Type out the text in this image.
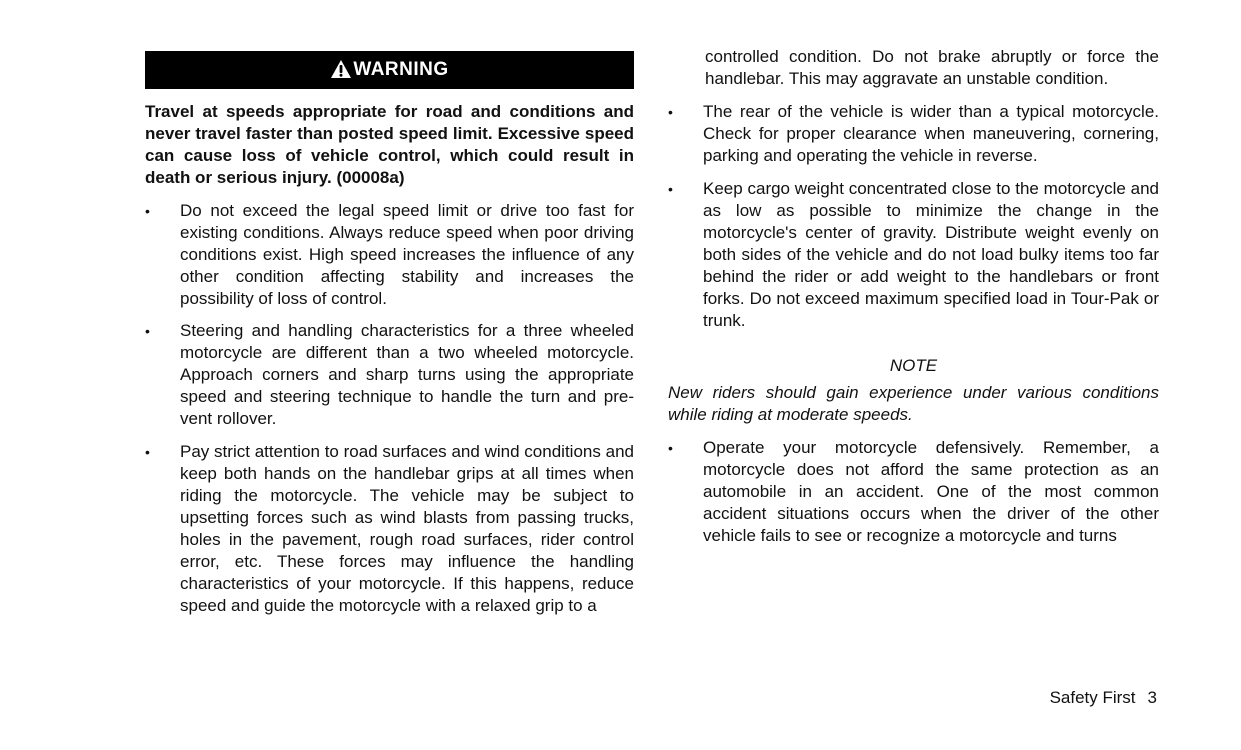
WARNING
Travel at speeds appropriate for road and conditions and never travel faster than posted speed limit. Excessive speed can cause loss of vehicle control, which could result in death or serious injury. (00008a)
• Do not exceed the legal speed limit or drive too fast for existing conditions. Always reduce speed when poor driving conditions exist. High speed increases the influence of any other condition affecting stability and increases the possibility of loss of control.
• Steering and handling characteristics for a three wheeled motorcycle are different than a two wheeled motorcycle. Approach corners and sharp turns using the appropriate speed and steering technique to handle the turn and pre-vent rollover.
• Pay strict attention to road surfaces and wind conditions and keep both hands on the handlebar grips at all times when riding the motorcycle. The vehicle may be subject to upsetting forces such as wind blasts from passing trucks, holes in the pavement, rough road surfaces, rider control error, etc. These forces may influence the handling characteristics of your motorcycle. If this happens, reduce speed and guide the motorcycle with a relaxed grip to a
controlled condition. Do not brake abruptly or force the handlebar. This may aggravate an unstable condition.
• The rear of the vehicle is wider than a typical motorcycle. Check for proper clearance when maneuvering, cornering, parking and operating the vehicle in reverse.
• Keep cargo weight concentrated close to the motorcycle and as low as possible to minimize the change in the motorcycle's center of gravity. Distribute weight evenly on both sides of the vehicle and do not load bulky items too far behind the rider or add weight to the handlebars or front forks. Do not exceed maximum specified load in Tour-Pak or trunk.
NOTE
New riders should gain experience under various conditions while riding at moderate speeds.
• Operate your motorcycle defensively. Remember, a motorcycle does not afford the same protection as an automobile in an accident. One of the most common accident situations occurs when the driver of the other vehicle fails to see or recognize a motorcycle and turns
Safety First 3
